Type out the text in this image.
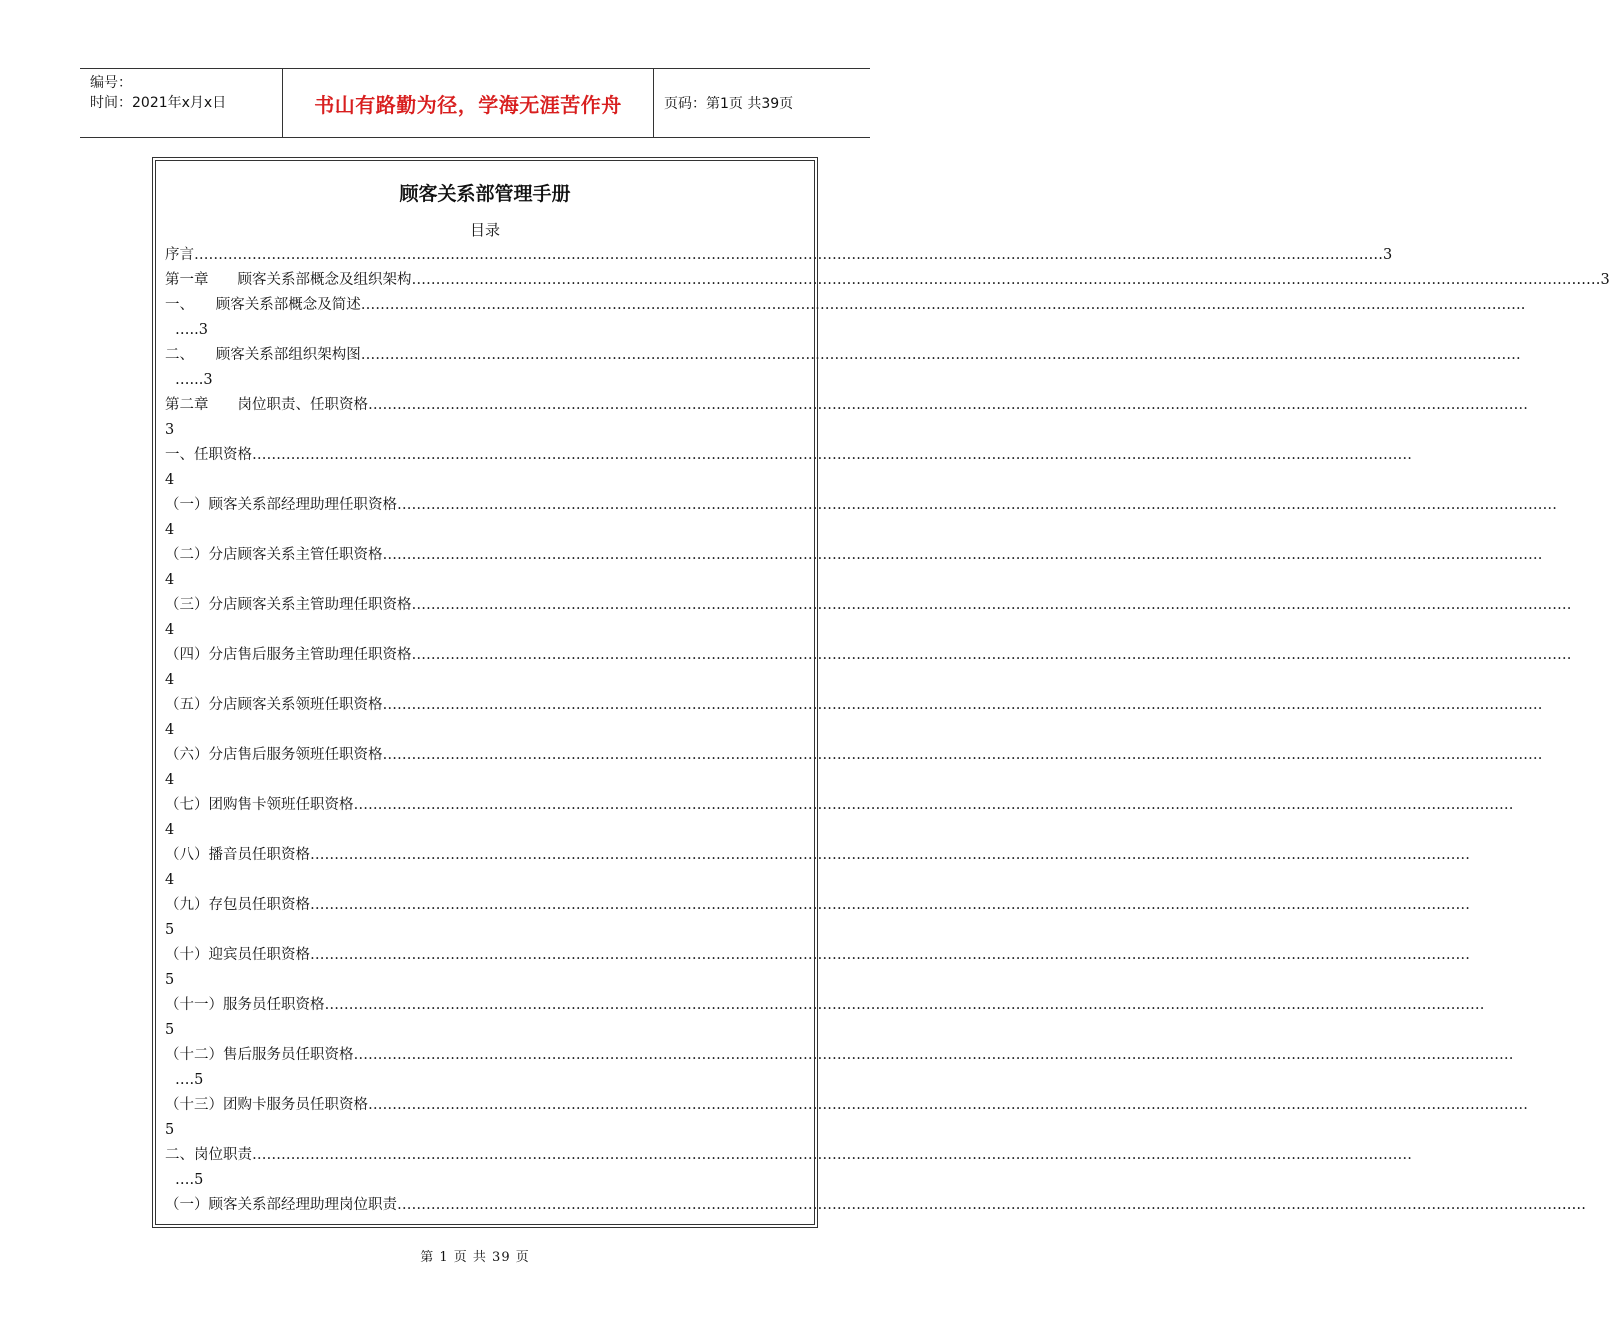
编号：
时间：2021年x月x日	书山有路勤为径，学海无涯苦作舟	页码：第1页 共39页
顾客关系部管理手册
目录
序言 …………………………………………………………………………………………………………………………………………………………………………………………………………………… ……3
第一章　　顾客关系部概念及组织架构 …………………………………………………………………………………………………………………………………………………………………………………………………………………… ……3
一、　　顾客关系部概念及简述 …………………………………………………………………………………………………………………………………………………………………………………………………………………… .
…..3
二、　　顾客关系部组织架构图 ……………………………………………………………………………………………………………………………………………………………………………………………………………………
…...3
第二章　　岗位职责、任职资格 ……………………………………………………………………………………………………………………………………………………………………………………………………………………
3
一、任职资格 ……………………………………………………………………………………………………………………………………………………………………………………………………………………
4
（一）顾客关系部经理助理任职资格 ……………………………………………………………………………………………………………………………………………………………………………………………………………………
4
（二）分店顾客关系主管任职资格 ……………………………………………………………………………………………………………………………………………………………………………………………………………………
4
（三）分店顾客关系主管助理任职资格 ……………………………………………………………………………………………………………………………………………………………………………………………………………………
4
（四）分店售后服务主管助理任职资格 ……………………………………………………………………………………………………………………………………………………………………………………………………………………
4
（五）分店顾客关系领班任职资格 ……………………………………………………………………………………………………………………………………………………………………………………………………………………
4
（六）分店售后服务领班任职资格 ……………………………………………………………………………………………………………………………………………………………………………………………………………………
4
（七）团购售卡领班任职资格 ……………………………………………………………………………………………………………………………………………………………………………………………………………………
4
（八）播音员任职资格 ……………………………………………………………………………………………………………………………………………………………………………………………………………………
4
（九）存包员任职资格 ……………………………………………………………………………………………………………………………………………………………………………………………………………………
5
（十）迎宾员任职资格 ……………………………………………………………………………………………………………………………………………………………………………………………………………………
5
（十一）服务员任职资格 ……………………………………………………………………………………………………………………………………………………………………………………………………………………
5
（十二）售后服务员任职资格 ……………………………………………………………………………………………………………………………………………………………………………………………………………………
….5
（十三）团购卡服务员任职资格 ……………………………………………………………………………………………………………………………………………………………………………………………………………………
5
二、岗位职责 ……………………………………………………………………………………………………………………………………………………………………………………………………………………
….5
（一）顾客关系部经理助理岗位职责 …………………………………………………………………………………………………………………………………………………………………………………………………………………… ……
第 1 页 共 39 页
